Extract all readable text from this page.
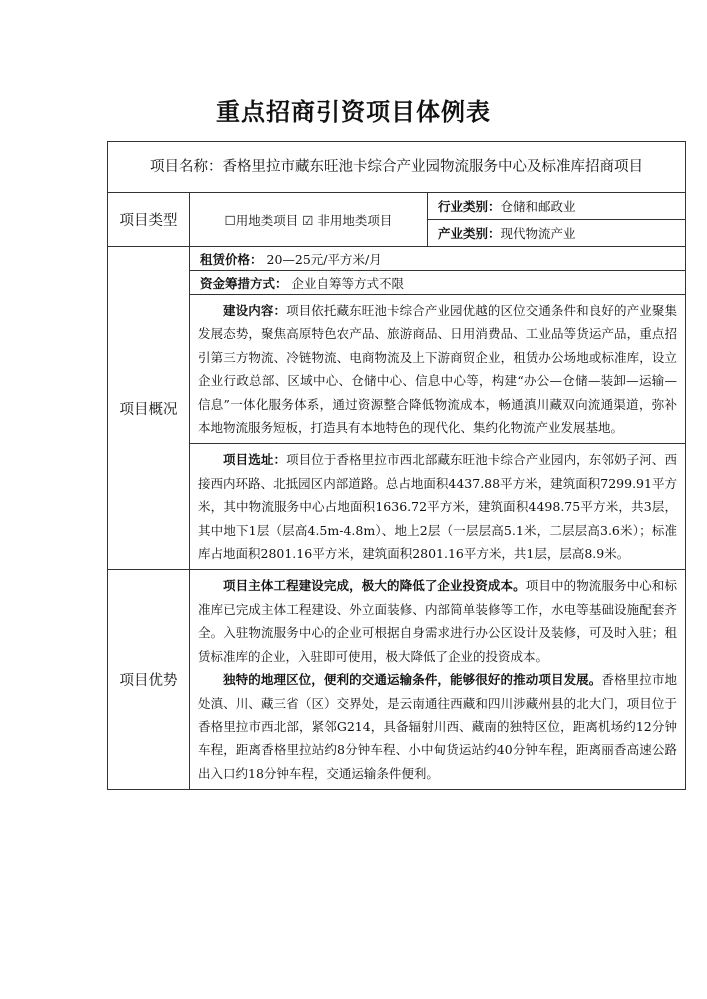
重点招商引资项目体例表
项目名称：香格里拉市藏东旺池卡综合产业园物流服务中心及标准库招商项目		
项目类型	☐用地类项目 ☑ 非用地类项目	行业类别：仓储和邮政业
		产业类别：现代物流产业
项目概况	租赁价格： 20—25元/平方米/月	
	资金筹措方式： 企业自筹等方式不限	
	建设内容：项目依托藏东旺池卡综合产业园优越的区位交通条件和良好的产业聚集发展态势，聚焦高原特色农产品、旅游商品、日用消费品、工业品等货运产品，重点招引第三方物流、冷链物流、电商物流及上下游商贸企业，租赁办公场地或标准库，设立企业行政总部、区域中心、仓储中心、信息中心等，构建“办公—仓储—装卸—运输—信息”一体化服务体系，通过资源整合降低物流成本，畅通滇川藏双向流通渠道，弥补本地物流服务短板，打造具有本地特色的现代化、集约化物流产业发展基地。	
	项目选址：项目位于香格里拉市西北部藏东旺池卡综合产业园内，东邻奶子河、西接西内环路、北抵园区内部道路。总占地面积4437.88平方米，建筑面积7299.91平方米，其中物流服务中心占地面积1636.72平方米，建筑面积4498.75平方米，共3层，其中地下1层（层高4.5m-4.8m）、地上2层（一层层高5.1米，二层层高3.6米）；标准库占地面积2801.16平方米，建筑面积2801.16平方米，共1层，层高8.9米。	
项目优势	项目主体工程建设完成，极大的降低了企业投资成本。项目中的物流服务中心和标准库已完成主体工程建设、外立面装修、内部简单装修等工作，水电等基础设施配套齐全。入驻物流服务中心的企业可根据自身需求进行办公区设计及装修，可及时入驻；租赁标准库的企业，入驻即可使用，极大降低了企业的投资成本。

独特的地理区位，便利的交通运输条件，能够很好的推动项目发展。香格里拉市地处滇、川、藏三省（区）交界处，是云南通往西藏和四川涉藏州县的北大门，项目位于香格里拉市西北部，紧邻G214，具备辐射川西、藏南的独特区位，距离机场约12分钟车程，距离香格里拉站约8分钟车程、小中甸货运站约40分钟车程，距离丽香高速公路出入口约18分钟车程，交通运输条件便利。	
